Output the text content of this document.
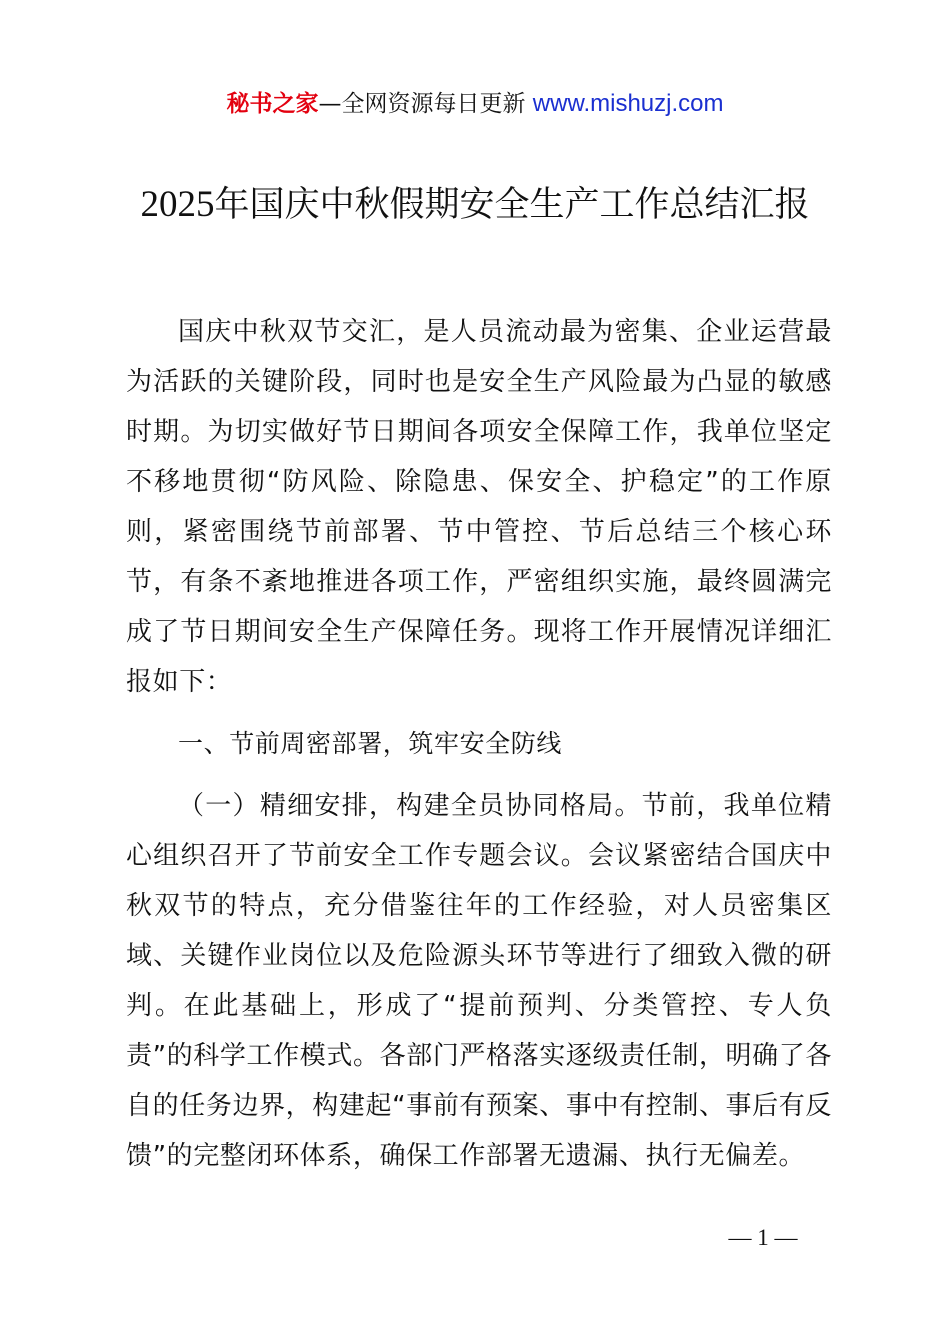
秘书之家—全网资源每日更新 www.mishuzj.com
2025年国庆中秋假期安全生产工作总结汇报

国庆中秋双节交汇，是人员流动最为密集、企业运营最为活跃的关键阶段，同时也是安全生产风险最为凸显的敏感时期。为切实做好节日期间各项安全保障工作，我单位坚定不移地贯彻“防风险、除隐患、保安全、护稳定”的工作原则，紧密围绕节前部署、节中管控、节后总结三个核心环节，有条不紊地推进各项工作，严密组织实施，最终圆满完成了节日期间安全生产保障任务。现将工作开展情况详细汇报如下：

一、节前周密部署，筑牢安全防线

（一）精细安排，构建全员协同格局。节前，我单位精心组织召开了节前安全工作专题会议。会议紧密结合国庆中秋双节的特点，充分借鉴往年的工作经验，对人员密集区域、关键作业岗位以及危险源头环节等进行了细致入微的研判。在此基础上，形成了“提前预判、分类管控、专人负责”的科学工作模式。各部门严格落实逐级责任制，明确了各自的任务边界，构建起“事前有预案、事中有控制、事后有反馈”的完整闭环体系，确保工作部署无遗漏、执行无偏差。

— 1 —
